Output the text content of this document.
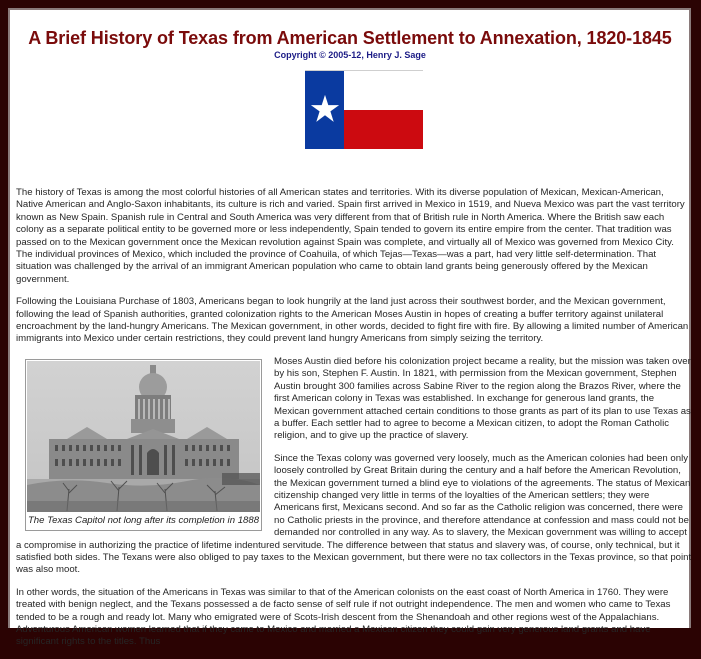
A Brief History of Texas from American Settlement to Annexation, 1820-1845

Copyright © 2005-12, Henry J. Sage

The history of Texas is among the most colorful histories of all American states and territories. With its diverse population of Mexican, Mexican-American, Native American and Anglo-Saxon inhabitants, its culture is rich and varied. Spain first arrived in Mexico in 1519, and Nueva Mexico was part the vast territory known as New Spain. Spanish rule in Central and South America was very different from that of British rule in North America. Where the British saw each colony as a separate political entity to be governed more or less independently, Spain tended to govern its entire empire from the center. That tradition was passed on to the Mexican government once the Mexican revolution against Spain was complete, and virtually all of Mexico was governed from Mexico City. The individual provinces of Mexico, which included the province of Coahuila, of which Tejas—Texas—was a part, had very little self-determination. That situation was challenged by the arrival of an immigrant American population who came to obtain land grants being generously offered by the Mexican government.

Following the Louisiana Purchase of 1803, Americans began to look hungrily at the land just across their southwest border, and the Mexican government, following the lead of Spanish authorities, granted colonization rights to the American Moses Austin in hopes of creating a buffer territory against unilateral encroachment by the land-hungry Americans. The Mexican government, in other words, decided to fight fire with fire. By allowing a limited number of American immigrants into Mexico under certain restrictions, they could prevent land hungry Americans from simply seizing the territory.

The Texas Capitol not long after its completion in 1888

Moses Austin died before his colonization project became a reality, but the mission was taken over by his son, Stephen F. Austin. In 1821, with permission from the Mexican government, Stephen Austin brought 300 families across Sabine River to the region along the Brazos River, where the first American colony in Texas was established. In exchange for generous land grants, the Mexican government attached certain conditions to those grants as part of its plan to use Texas as a buffer. Each settler had to agree to become a Mexican citizen, to adopt the Roman Catholic religion, and to give up the practice of slavery.

Since the Texas colony was governed very loosely, much as the American colonies had been only loosely controlled by Great Britain during the century and a half before the American Revolution, the Mexican government turned a blind eye to violations of the agreements. The status of Mexican citizenship changed very little in terms of the loyalties of the American settlers; they were Americans first, Mexicans second. And so far as the Catholic religion was concerned, there were no Catholic priests in the province, and therefore attendance at confession and mass could not be demanded nor controlled in any way. As to slavery, the Mexican government was willing to accept a compromise in authorizing the practice of lifetime indentured servitude. The difference between that status and slavery was, of course, only technical, but it satisfied both sides. The Texans were also obliged to pay taxes to the Mexican government, but there were no tax collectors in the Texas province, so that point was also moot.

In other words, the situation of the Americans in Texas was similar to that of the American colonists on the east coast of North America in 1760. They were treated with benign neglect, and the Texans possessed a de facto sense of self rule if not outright independence. The men and women who came to Texas tended to be a rough and ready lot. Many who emigrated were of Scots-Irish descent from the Shenandoah and other regions west of the Appalachians. Adventurous American women learned that if they came to Mexico and married a Mexican citizen they could gain very generous land grants and have significant rights to the titles. Thus
